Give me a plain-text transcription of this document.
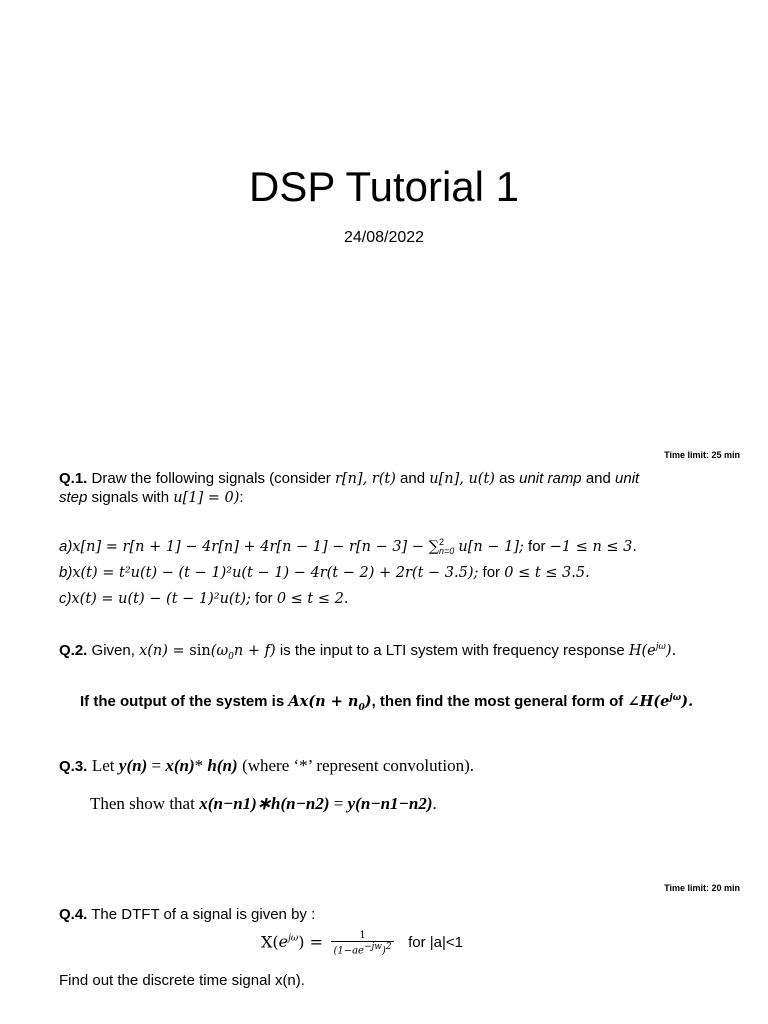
DSP Tutorial 1
24/08/2022
Time limit: 25 min
Q.1. Draw the following signals (consider r[n], r(t) and u[n], u(t) as unit ramp and unit
step signals with u[1] = 0):
a)x[n] = r[n + 1] − 4r[n] + 4r[n − 1] − r[n − 3] − ∑ 2
n=0 u[n − 1]; for −1 ≤ n ≤ 3.
b)x(t) = t²u(t) − (t − 1)²u(t − 1) − 4r(t − 2) + 2r(t − 3.5); for 0 ≤ t ≤ 3.5.
c)x(t) = u(t) − (t − 1)²u(t); for 0 ≤ t ≤ 2.
Q.2. Given, $x(n) = \sin(\omega_0n + f)$ is the input to a LTI system with frequency response $H(e^{j\omega})$.
If the output of the system is $Ax(n + n_0)$, then find the most general form of $\angle H(e^{j\omega})$.
Q.3. Let y(n) = x(n)* h(n) (where ‘*’ represent convolution).
Then show that x(n−n1)∗h(n−n2) = y(n−n1−n2).
Time limit: 20 min
Q.4. The DTFT of a signal is given by :
$X(e^{j\omega}) = \frac{1}{(1-ae^{-jw})^2}$ for |a|<1
Find out the discrete time signal x(n).
